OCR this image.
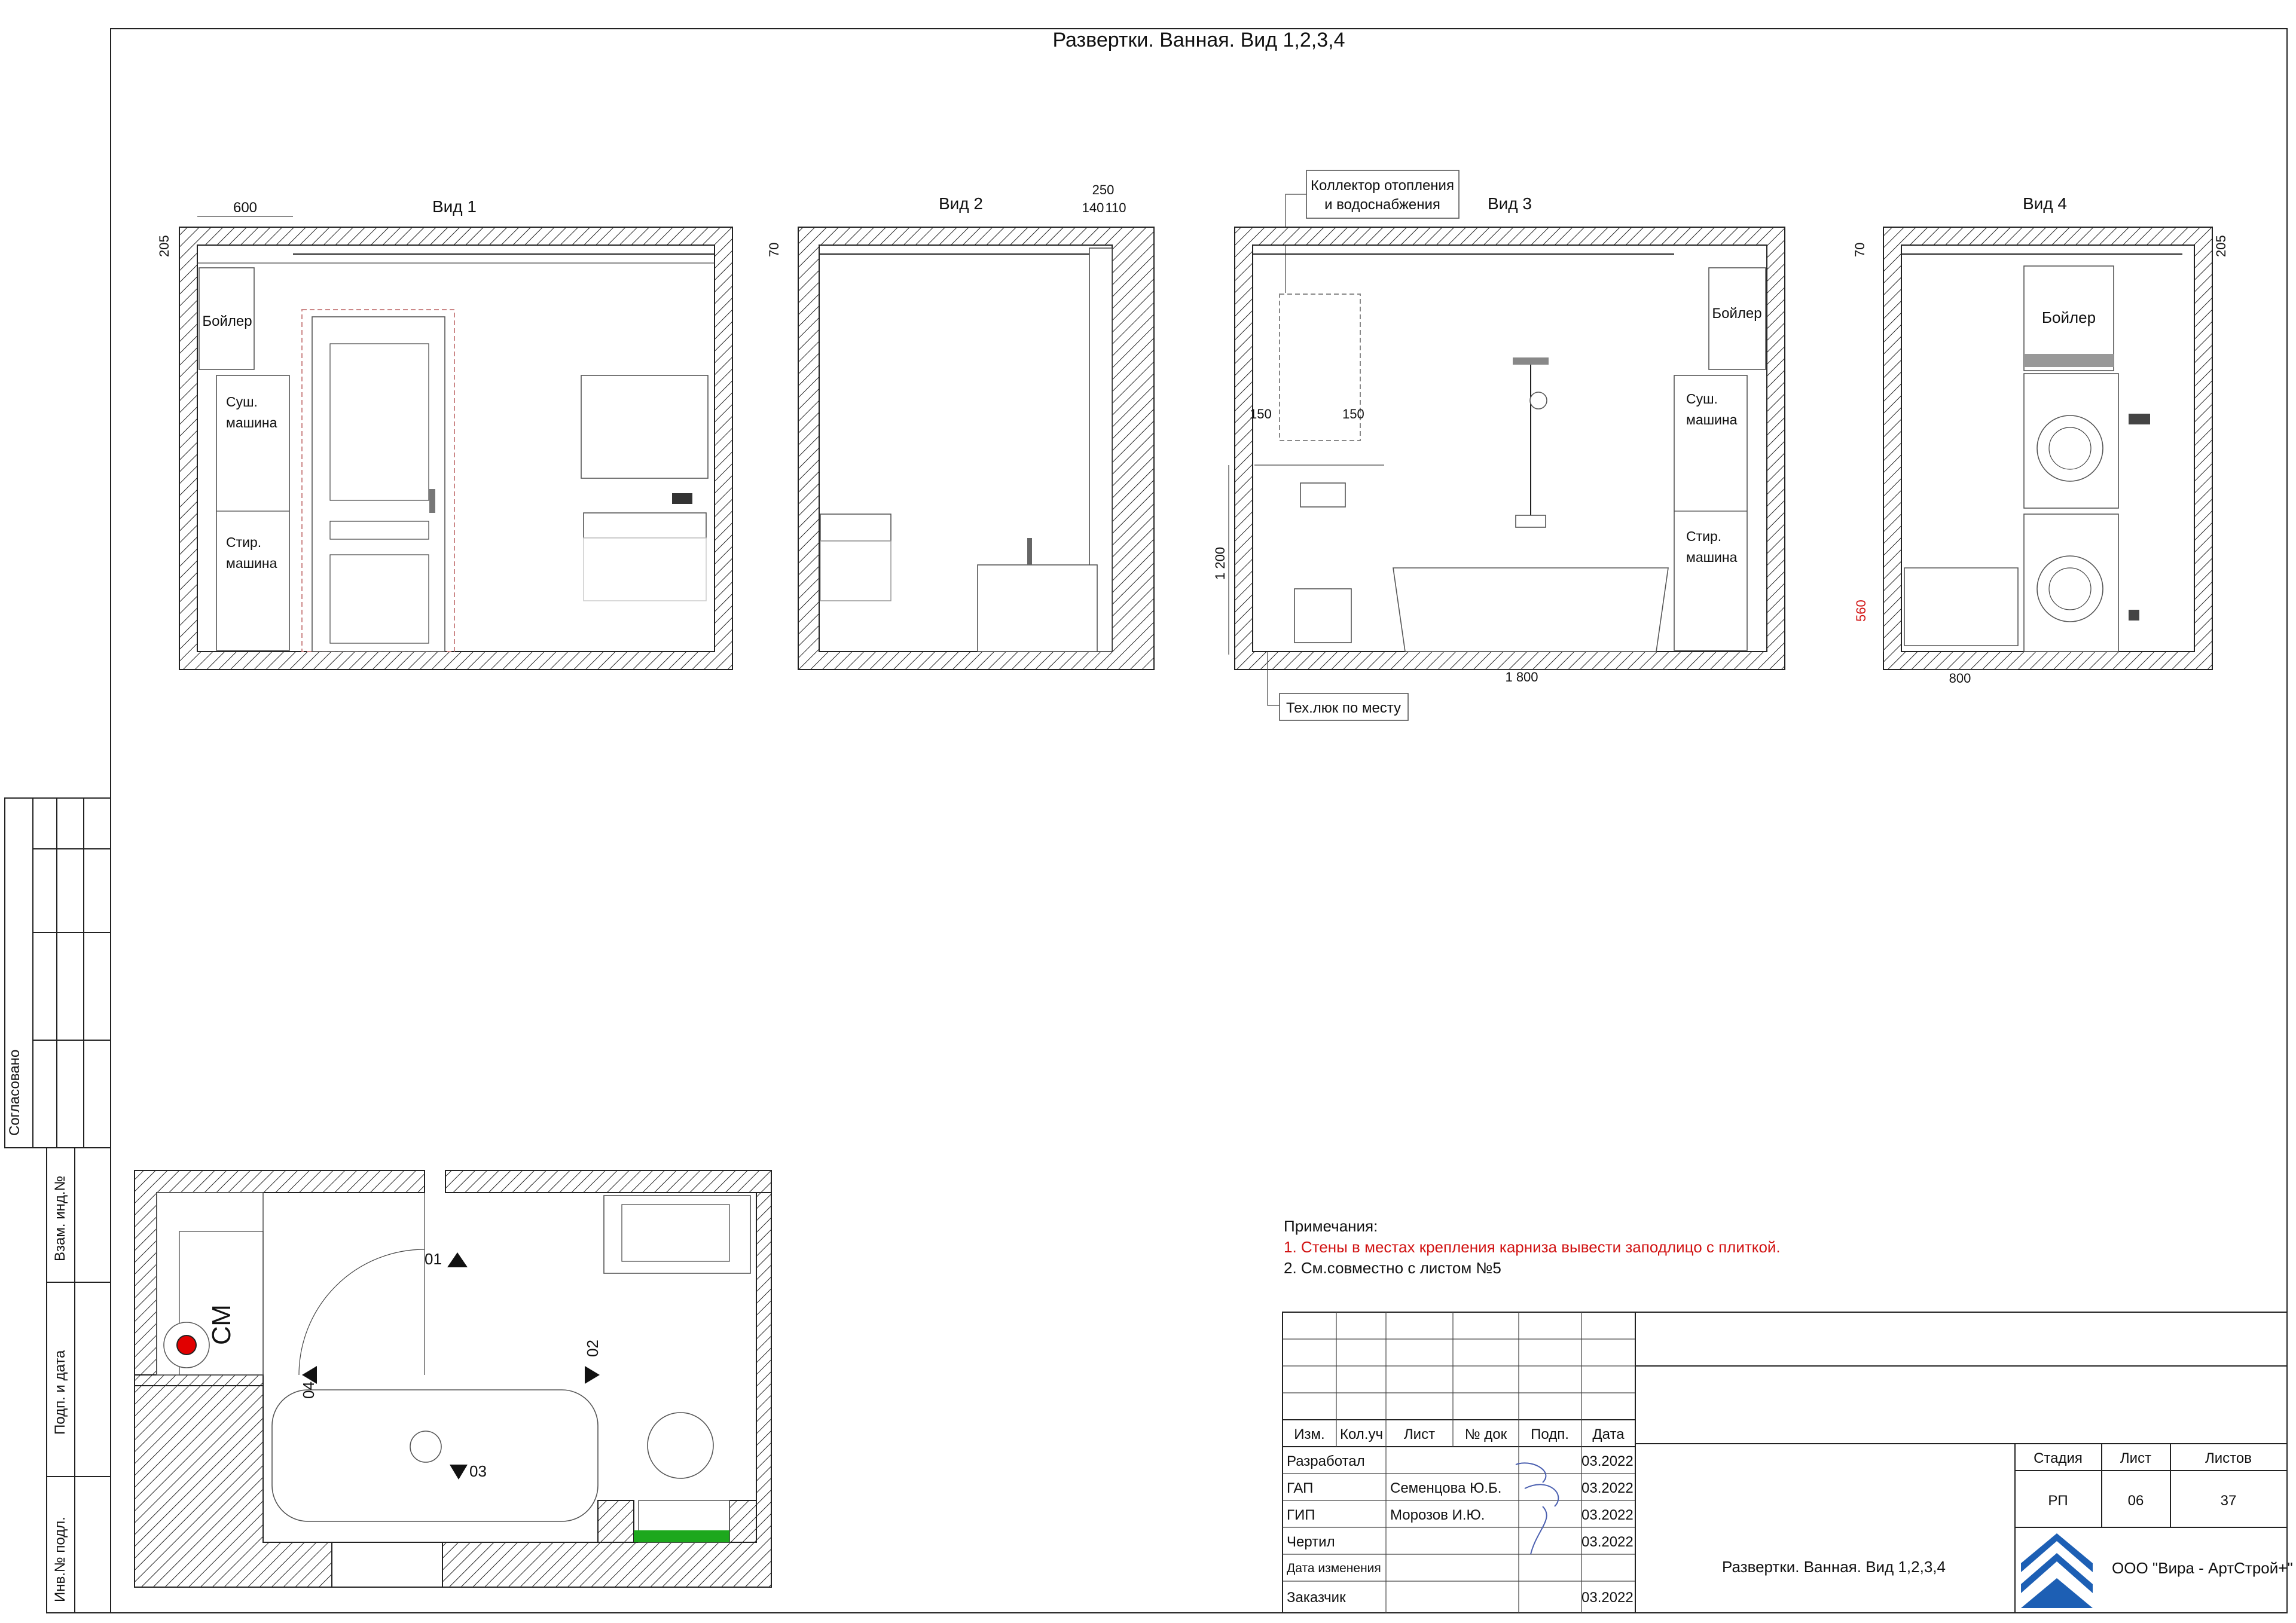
Развертки. Ванная. Вид 1,2,3,4
Согласовано
Взам. инд.№
Подп. и дата
Инв.№ подл.
Вид 1
600
205
Бойлер
Суш.
машина
Стир.
машина
Вид 2
250
140 110
70
Вид 3
Коллектор отопления
и водоснабжения
150	150
1 200
1 800
Бойлер
Суш.
машина
Стир.
машина
Тех.люк по месту
Вид 4
70	205
Бойлер
560
800
СМ
01
02
03
04
Примечания:
1. Стены в местах крепления карниза вывести заподлицо с плиткой.
2. См.совместно с листом №5
Изм. Кол.уч Лист № док Подп. Дата
Разработал	03.2022
ГАП	Семенцова Ю.Б.	03.2022
ГИП	Морозов И.Ю.	03.2022
Чертил	03.2022
Дата изменения
Заказчик	03.2022
Стадия	Лист	Листов
РП	06	37
Развертки. Ванная. Вид 1,2,3,4	ООО "Вира - АртСтрой+"
